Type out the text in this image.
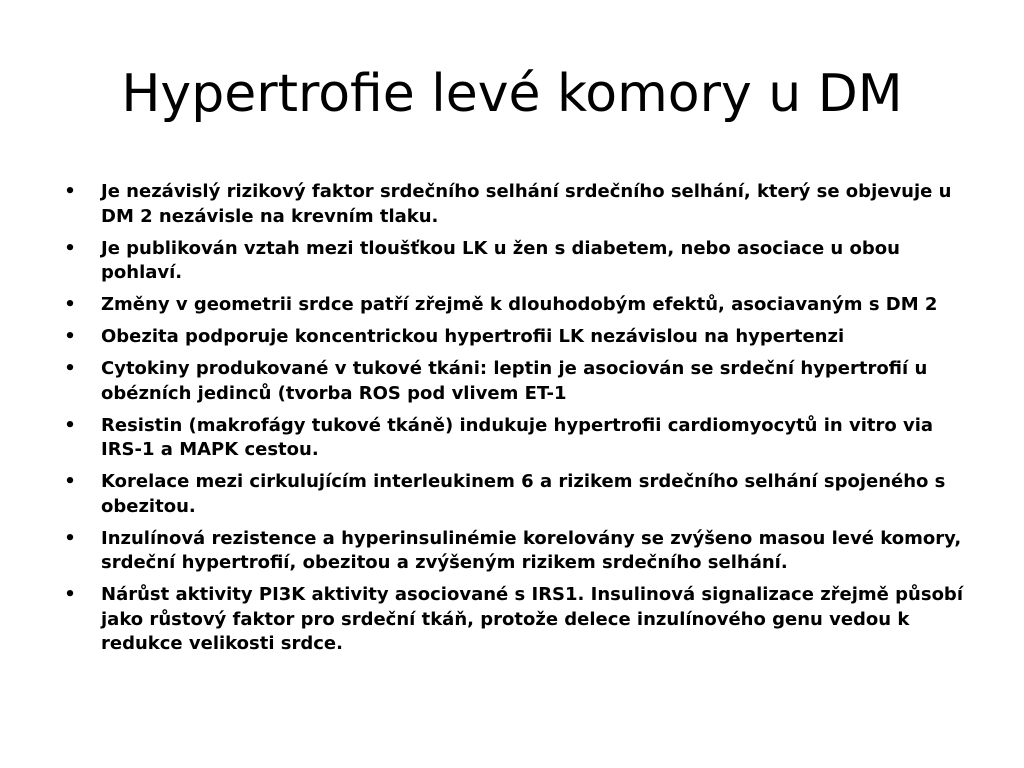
Hypertrofie levé komory u DM
• Je nezávislý rizikový faktor srdečního selhání srdečního selhání, který se objevuje u DM 2 nezávisle na krevním tlaku.
• Je publikován vztah mezi tloušťkou LK u žen s diabetem, nebo asociace u obou pohlaví.
• Změny v geometrii srdce patří zřejmě k dlouhodobým efektů, asociavaným s DM 2
• Obezita podporuje koncentrickou hypertrofii LK nezávislou na hypertenzi
• Cytokiny produkované v tukové tkáni: leptin je asociován se srdeční hypertrofií u obézních jedinců (tvorba ROS pod vlivem ET-1
• Resistin (makrofágy tukové tkáně) indukuje hypertrofii cardiomyocytů in vitro via IRS-1 a MAPK cestou.
• Korelace mezi cirkulujícím interleukinem 6 a rizikem srdečního selhání spojeného s obezitou.
• Inzulínová rezistence a hyperinsulinémie korelovány se zvýšeno masou levé komory, srdeční hypertrofií, obezitou a zvýšeným rizikem srdečního selhání.
• Nárůst aktivity PI3K aktivity asociované s IRS1. Insulinová signalizace zřejmě působí jako růstový faktor pro srdeční tkáň, protože delece inzulínového genu vedou k redukce velikosti srdce.
